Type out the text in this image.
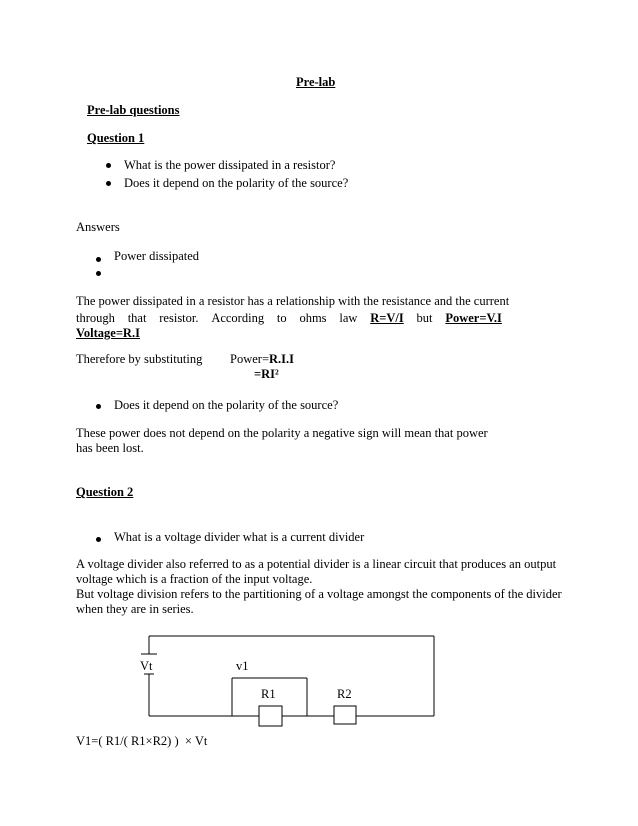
Pre-lab
Pre-lab questions
Question 1
What is the power dissipated in a resistor?
Does it depend on the polarity of the source?
Answers
Power dissipated
The power dissipated in a resistor has a relationship with the resistance and the current
through that resistor. According to ohms law R=V/I but Power=V.I
Voltage=R.I
Therefore by substituting Power=R.I.I
=RI²
Does it depend on the polarity of the source?
These power does not depend on the polarity a negative sign will mean that power
has been lost.
Question 2
What is a voltage divider what is a current divider
A voltage divider also referred to as a potential divider is a linear circuit that produces an output
voltage which is a fraction of the input voltage.
But voltage division refers to the partitioning of a voltage amongst the components of the divider
when they are in series.
Vt	v1
R1	R2
V1=( R1/( R1×R2) )  × Vt
